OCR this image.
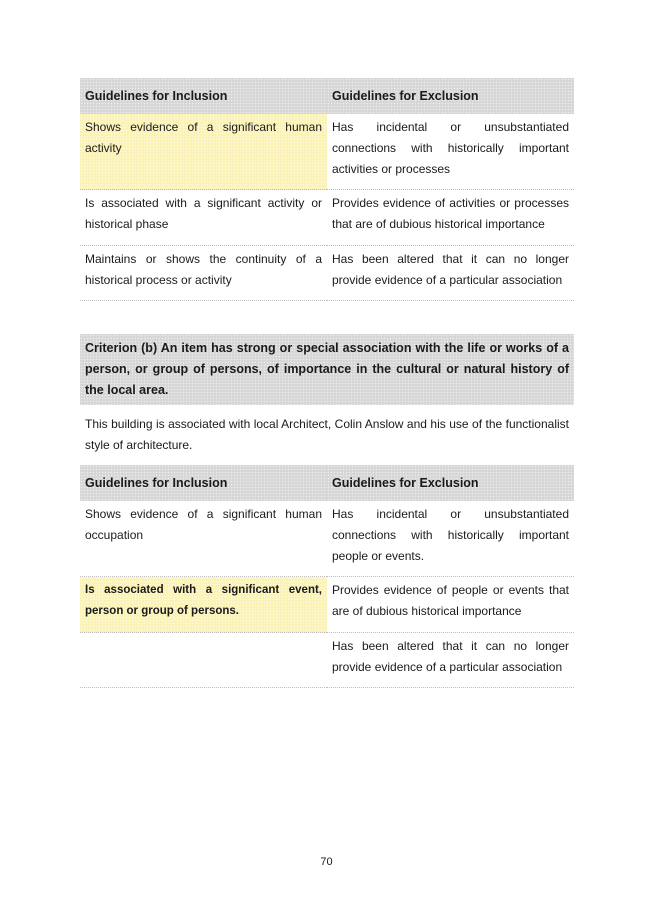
Guidelines for Inclusion	Guidelines for Exclusion
Shows evidence of a significant human activity
Has incidental or unsubstantiated connections with historically important activities or processes
Is associated with a significant activity or historical phase
Provides evidence of activities or processes that are of dubious historical importance
Maintains or shows the continuity of a historical process or activity
Has been altered that it can no longer provide evidence of a particular association
Criterion (b) An item has strong or special association with the life or works of a person, or group of persons, of importance in the cultural or natural history of the local area.
This building is associated with local Architect, Colin Anslow and his use of the functionalist style of architecture.
Guidelines for Inclusion	Guidelines for Exclusion
Shows evidence of a significant human occupation
Has incidental or unsubstantiated connections with historically important people or events.
Is associated with a significant event, person or group of persons.
Provides evidence of people or events that are of dubious historical importance
Has been altered that it can no longer provide evidence of a particular association
70
